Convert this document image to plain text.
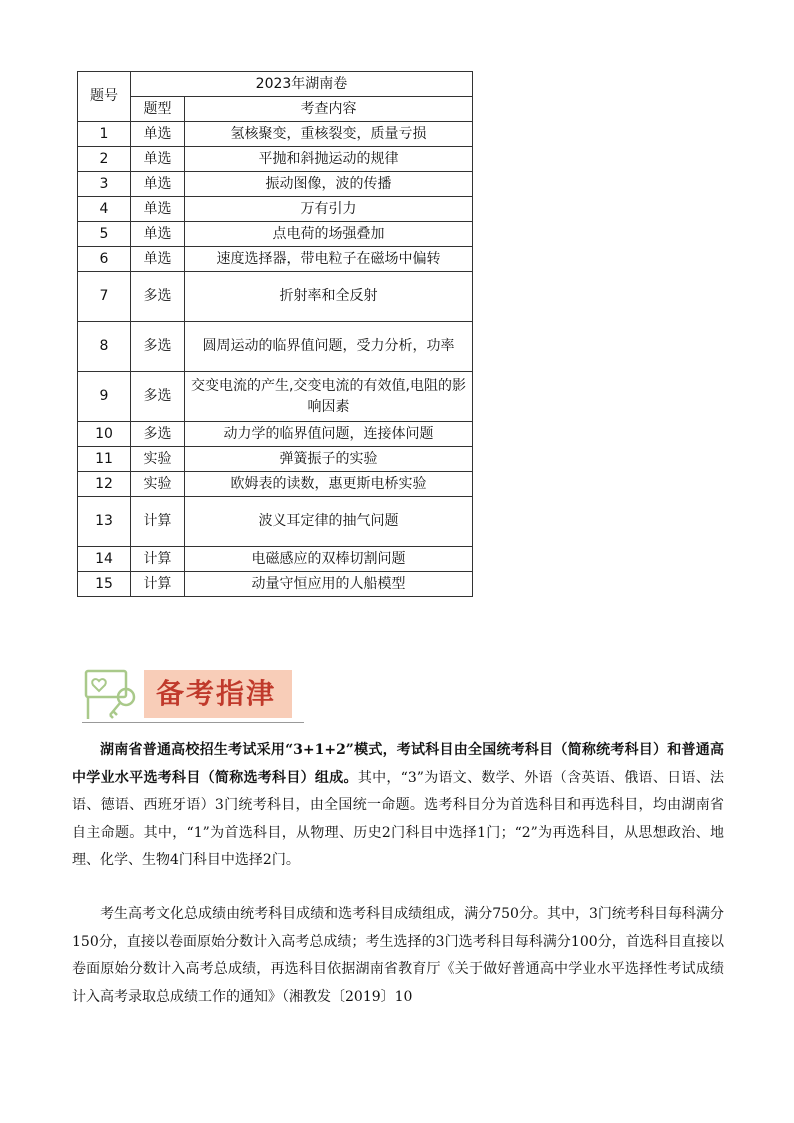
题号	2023年湖南卷	
	题型	考查内容
1	单选	氢核聚变，重核裂变，质量亏损
2	单选	平抛和斜抛运动的规律
3	单选	振动图像，波的传播
4	单选	万有引力
5	单选	点电荷的场强叠加
6	单选	速度选择器，带电粒子在磁场中偏转
7	多选	折射率和全反射
8	多选	圆周运动的临界值问题，受力分析，功率
9	多选	交变电流的产生,交变电流的有效值,电阻的影响因素
10	多选	动力学的临界值问题，连接体问题
11	实验	弹簧振子的实验
12	实验	欧姆表的读数，惠更斯电桥实验
13	计算	波义耳定律的抽气问题
14	计算	电磁感应的双棒切割问题
15	计算	动量守恒应用的人船模型
备考指津

湖南省普通高校招生考试采用“3+1+2”模式，考试科目由全国统考科目（简称统考科目）和普通高中学业水平选考科目（简称选考科目）组成。其中，“3”为语文、数学、外语（含英语、俄语、日语、法语、德语、西班牙语）3门统考科目，由全国统一命题。选考科目分为首选科目和再选科目，均由湖南省自主命题。其中，“1”为首选科目，从物理、历史2门科目中选择1门；“2”为再选科目，从思想政治、地理、化学、生物4门科目中选择2门。

考生高考文化总成绩由统考科目成绩和选考科目成绩组成，满分750分。其中，3门统考科目每科满分150分，直接以卷面原始分数计入高考总成绩；考生选择的3门选考科目每科满分100分，首选科目直接以卷面原始分数计入高考总成绩，再选科目依据湖南省教育厅《关于做好普通高中学业水平选择性考试成绩计入高考录取总成绩工作的通知》（湘教发〔2019〕10
